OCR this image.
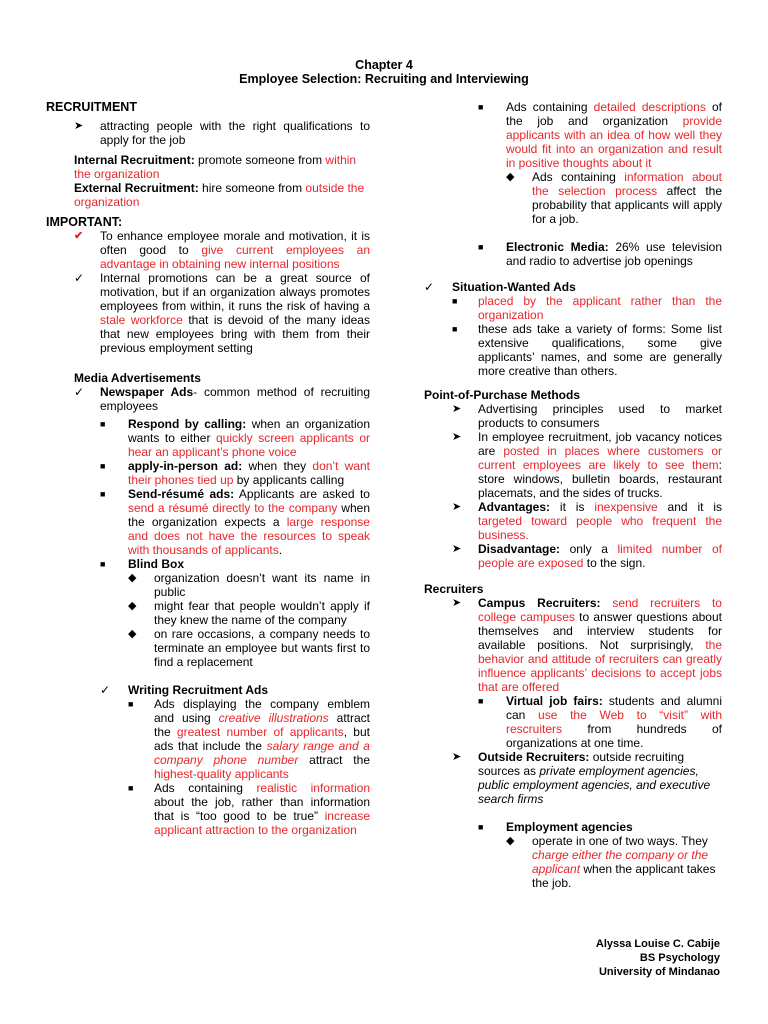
Chapter 4
Employee Selection: Recruiting and Interviewing
RECRUITMENT
➤	attracting people with the right qualifications to apply for the job
Internal Recruitment: promote someone from within the organization
External Recruitment: hire someone from outside the organization
IMPORTANT:
✔	To enhance employee morale and motivation, it is often good to give current employees an advantage in obtaining new internal positions
✓	Internal promotions can be a great source of motivation, but if an organization always promotes employees from within, it runs the risk of having a stale workforce that is devoid of the many ideas that new employees bring with them from their previous employment setting
Media Advertisements
✓	Newspaper Ads- common method of recruiting employees
■	Respond by calling: when an organization wants to either quickly screen applicants or hear an applicant’s phone voice
■	apply-in-person ad: when they don’t want their phones tied up by applicants calling
■	Send-résumé ads: Applicants are asked to send a résumé directly to the company when the organization expects a large response and does not have the resources to speak with thousands of applicants.
■	Blind Box
◆	organization doesn’t want its name in public
◆	might fear that people wouldn’t apply if they knew the name of the company
◆	on rare occasions, a company needs to terminate an employee but wants first to find a replacement
✓	Writing Recruitment Ads
■	Ads displaying the company emblem and using creative illustrations attract the greatest number of applicants, but ads that include the salary range and a company phone number attract the highest-quality applicants
■	Ads containing realistic information about the job, rather than information that is “too good to be true” increase applicant attraction to the organization
■	Ads containing detailed descriptions of the job and organization provide applicants with an idea of how well they would fit into an organization and result in positive thoughts about it
◆	Ads containing information about the selection process affect the probability that applicants will apply for a job.
■	Electronic Media: 26% use television and radio to advertise job openings
✓	Situation-Wanted Ads
■	placed by the applicant rather than the organization
■	these ads take a variety of forms: Some list extensive qualifications, some give applicants’ names, and some are generally more creative than others.
Point-of-Purchase Methods
➤	Advertising principles used to market products to consumers
➤	In employee recruitment, job vacancy notices are posted in places where customers or current employees are likely to see them: store windows, bulletin boards, restaurant placemats, and the sides of trucks.
➤	Advantages: it is inexpensive and it is targeted toward people who frequent the business.
➤	Disadvantage: only a limited number of people are exposed to the sign.
Recruiters
➤	Campus Recruiters: send recruiters to college campuses to answer questions about themselves and interview students for available positions. Not surprisingly, the behavior and attitude of recruiters can greatly influence applicants’ decisions to accept jobs that are offered
■	Virtual job fairs: students and alumni can use the Web to “visit” with rescruiters from hundreds of organizations at one time.
➤	Outside Recruiters: outside recruiting sources as private employment agencies, public employment agencies, and executive search firms
■	Employment agencies
◆	operate in one of two ways. They charge either the company or the applicant when the applicant takes the job.
Alyssa Louise C. Cabije
BS Psychology
University of Mindanao
